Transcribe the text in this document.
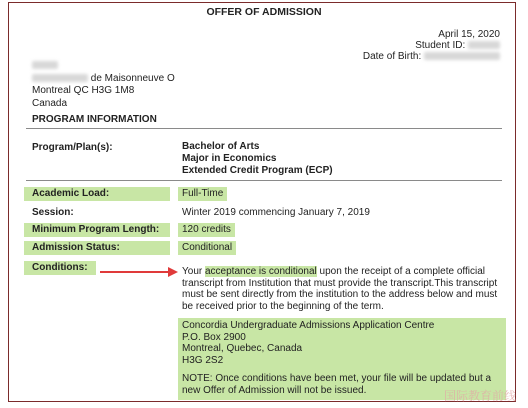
OFFER OF ADMISSION
April 15, 2020
Student ID:
Date of Birth:
de Maisonneuve O
Montreal QC H3G 1M8
Canada
PROGRAM INFORMATION
Program/Plan(s):	Bachelor of Arts
Major in Economics
Extended Credit Program (ECP)
Academic Load:	Full-Time
Session:	Winter 2019 commencing January 7, 2019
Minimum Program Length:	120 credits
Admission Status:	Conditional
Conditions:	Your acceptance is conditional upon the receipt of a complete official transcript from Institution that must provide the transcript.This transcript must be sent directly from the institution to the address below and must be received prior to the beginning of the term.
Concordia Undergraduate Admissions Application Centre
P.O. Box 2900
Montreal, Quebec, Canada
H3G 2S2
NOTE: Once conditions have been met, your file will be updated but a new Offer of Admission will not be issued.	国际教育前线
